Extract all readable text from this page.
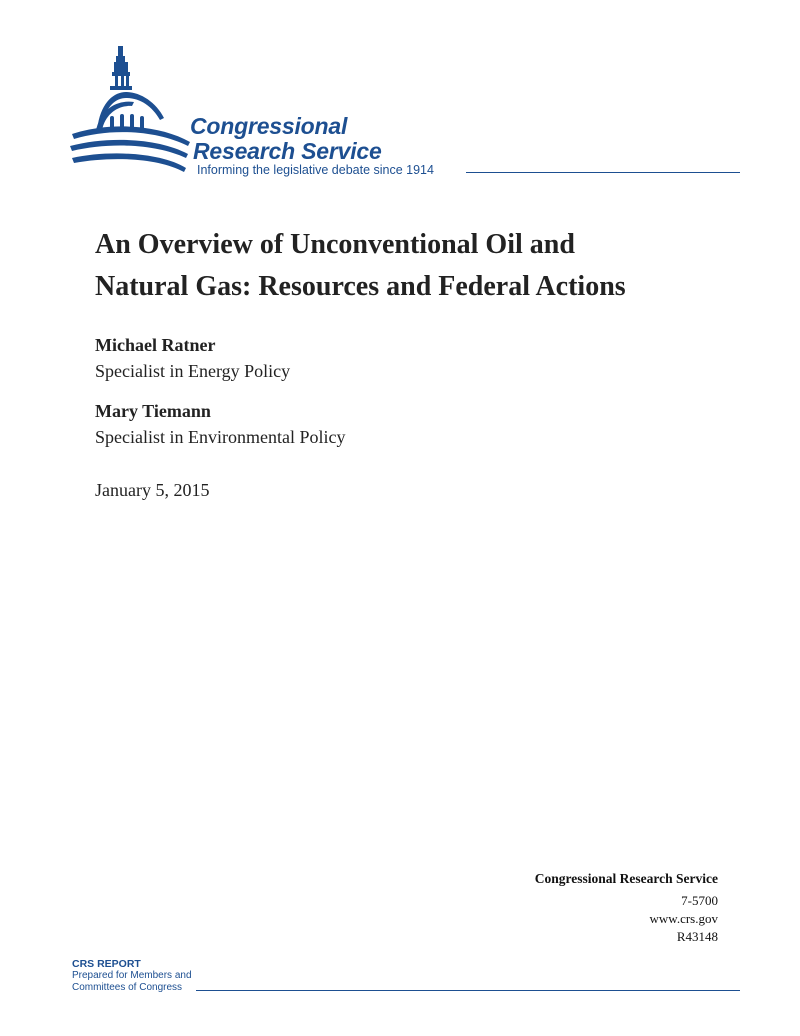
Congressional
Research Service
Informing the legislative debate since 1914
An Overview of Unconventional Oil and
Natural Gas: Resources and Federal Actions
Michael Ratner
Specialist in Energy Policy
Mary Tiemann
Specialist in Environmental Policy
January 5, 2015
Congressional Research Service
7-5700
www.crs.gov
R43148
CRS REPORT
Prepared for Members and
Committees of Congress
